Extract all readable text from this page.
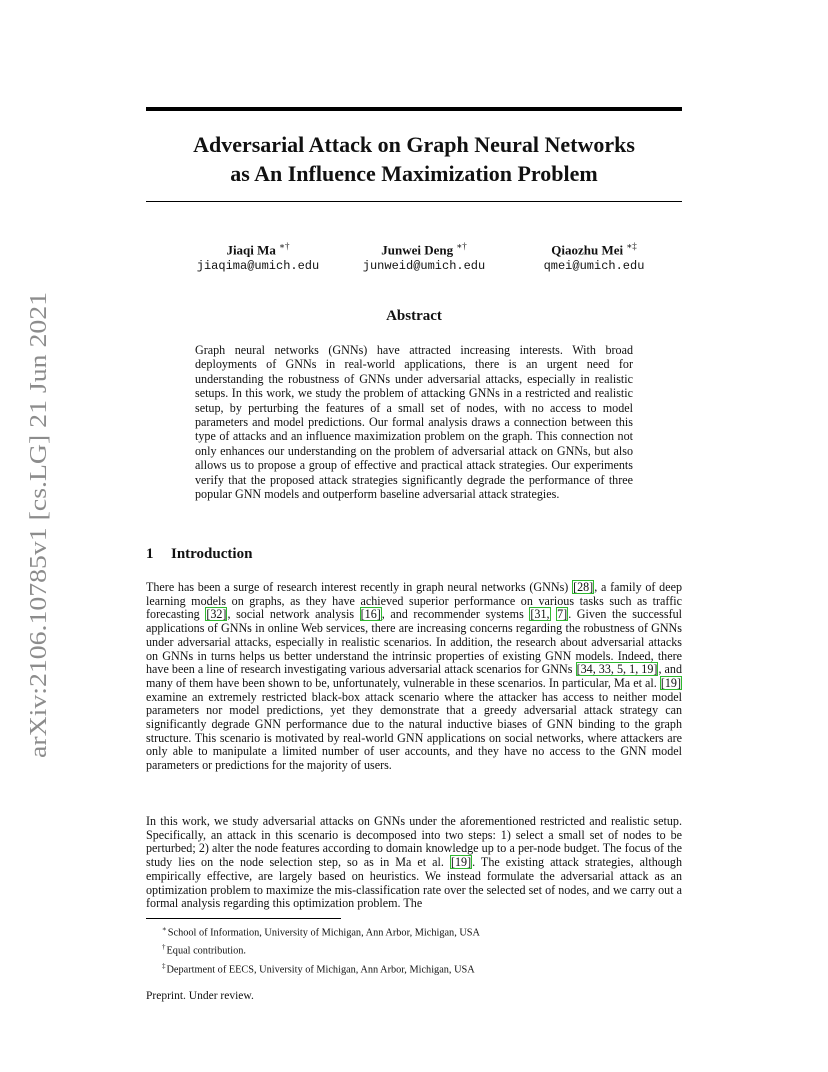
arXiv:2106.10785v1 [cs.LG] 21 Jun 2021
Adversarial Attack on Graph Neural Networks
as An Influence Maximization Problem
Jiaqi Ma ∗†
jiaqima@umich.edu
Junwei Deng ∗†
junweid@umich.edu
Qiaozhu Mei ∗‡
qmei@umich.edu
Abstract
Graph neural networks (GNNs) have attracted increasing interests. With broad deployments of GNNs in real-world applications, there is an urgent need for understanding the robustness of GNNs under adversarial attacks, especially in realistic setups. In this work, we study the problem of attacking GNNs in a restricted and realistic setup, by perturbing the features of a small set of nodes, with no access to model parameters and model predictions. Our formal analysis draws a connection between this type of attacks and an influence maximization problem on the graph. This connection not only enhances our understanding on the problem of adversarial attack on GNNs, but also allows us to propose a group of effective and practical attack strategies. Our experiments verify that the proposed attack strategies significantly degrade the performance of three popular GNN models and outperform baseline adversarial attack strategies.
1 Introduction
There has been a surge of research interest recently in graph neural networks (GNNs) [28], a family of deep learning models on graphs, as they have achieved superior performance on various tasks such as traffic forecasting [32], social network analysis [16], and recommender systems [31, 7]. Given the successful applications of GNNs in online Web services, there are increasing concerns regarding the robustness of GNNs under adversarial attacks, especially in realistic scenarios. In addition, the research about adversarial attacks on GNNs in turns helps us better understand the intrinsic properties of existing GNN models. Indeed, there have been a line of research investigating various adversarial attack scenarios for GNNs [34, 33, 5, 1, 19], and many of them have been shown to be, unfortunately, vulnerable in these scenarios. In particular, Ma et al. [19] examine an extremely restricted black-box attack scenario where the attacker has access to neither model parameters nor model predictions, yet they demonstrate that a greedy adversarial attack strategy can significantly degrade GNN performance due to the natural inductive biases of GNN binding to the graph structure. This scenario is motivated by real-world GNN applications on social networks, where attackers are only able to manipulate a limited number of user accounts, and they have no access to the GNN model parameters or predictions for the majority of users.
In this work, we study adversarial attacks on GNNs under the aforementioned restricted and realistic setup. Specifically, an attack in this scenario is decomposed into two steps: 1) select a small set of nodes to be perturbed; 2) alter the node features according to domain knowledge up to a per-node budget. The focus of the study lies on the node selection step, so as in Ma et al. [19]. The existing attack strategies, although empirically effective, are largely based on heuristics. We instead formulate the adversarial attack as an optimization problem to maximize the mis-classification rate over the selected set of nodes, and we carry out a formal analysis regarding this optimization problem. The
∗School of Information, University of Michigan, Ann Arbor, Michigan, USA
†Equal contribution.
‡Department of EECS, University of Michigan, Ann Arbor, Michigan, USA
Preprint. Under review.
